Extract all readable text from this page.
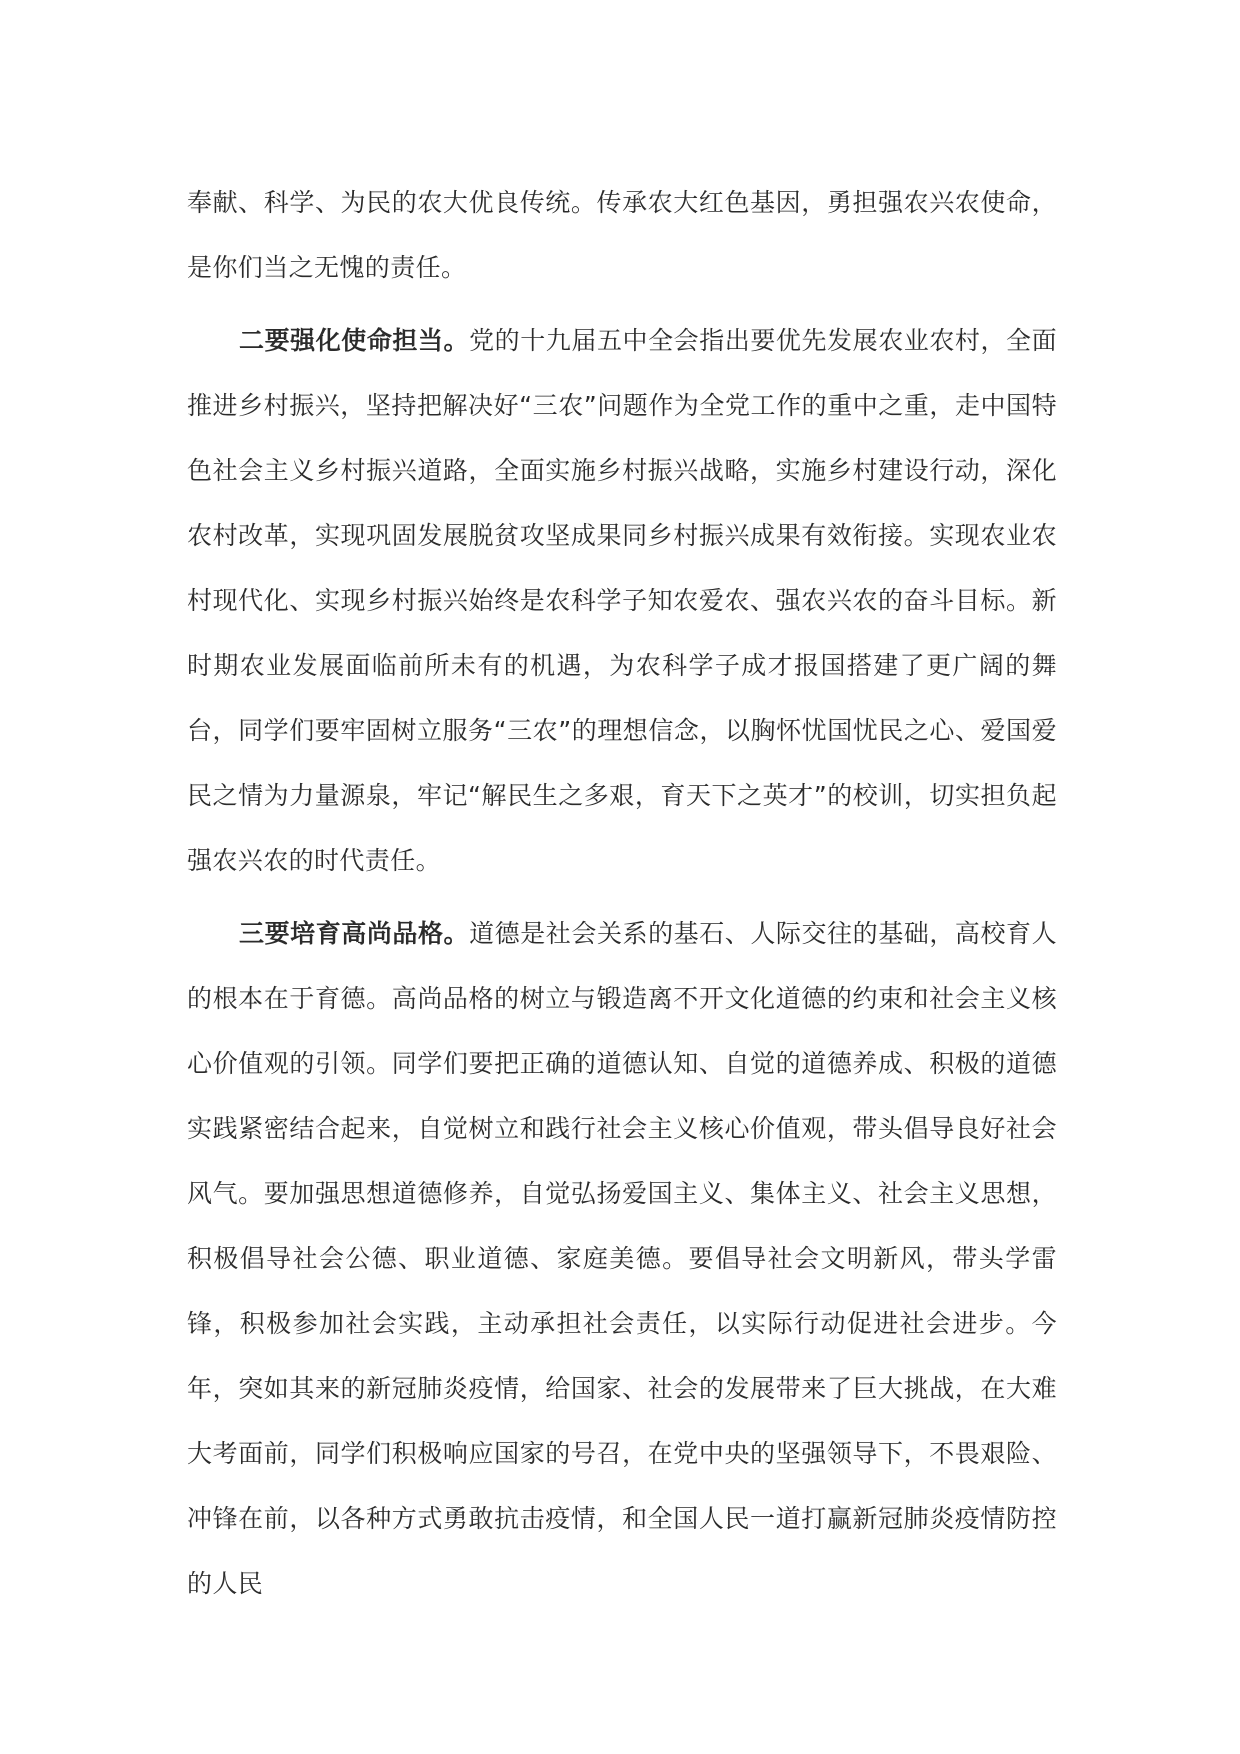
奉献、科学、为民的农大优良传统。传承农大红色基因，勇担强农兴农使命，是你们当之无愧的责任。

二要强化使命担当。党的十九届五中全会指出要优先发展农业农村，全面推进乡村振兴，坚持把解决好“三农”问题作为全党工作的重中之重，走中国特色社会主义乡村振兴道路，全面实施乡村振兴战略，实施乡村建设行动，深化农村改革，实现巩固发展脱贫攻坚成果同乡村振兴成果有效衔接。实现农业农村现代化、实现乡村振兴始终是农科学子知农爱农、强农兴农的奋斗目标。新时期农业发展面临前所未有的机遇，为农科学子成才报国搭建了更广阔的舞台，同学们要牢固树立服务“三农”的理想信念，以胸怀忧国忧民之心、爱国爱民之情为力量源泉，牢记“解民生之多艰，育天下之英才”的校训，切实担负起强农兴农的时代责任。

三要培育高尚品格。道德是社会关系的基石、人际交往的基础，高校育人的根本在于育德。高尚品格的树立与锻造离不开文化道德的约束和社会主义核心价值观的引领。同学们要把正确的道德认知、自觉的道德养成、积极的道德实践紧密结合起来，自觉树立和践行社会主义核心价值观，带头倡导良好社会风气。要加强思想道德修养，自觉弘扬爱国主义、集体主义、社会主义思想，积极倡导社会公德、职业道德、家庭美德。要倡导社会文明新风，带头学雷锋，积极参加社会实践，主动承担社会责任，以实际行动促进社会进步。今年，突如其来的新冠肺炎疫情，给国家、社会的发展带来了巨大挑战，在大难大考面前，同学们积极响应国家的号召，在党中央的坚强领导下，不畏艰险、冲锋在前，以各种方式勇敢抗击疫情，和全国人民一道打赢新冠肺炎疫情防控的人民
